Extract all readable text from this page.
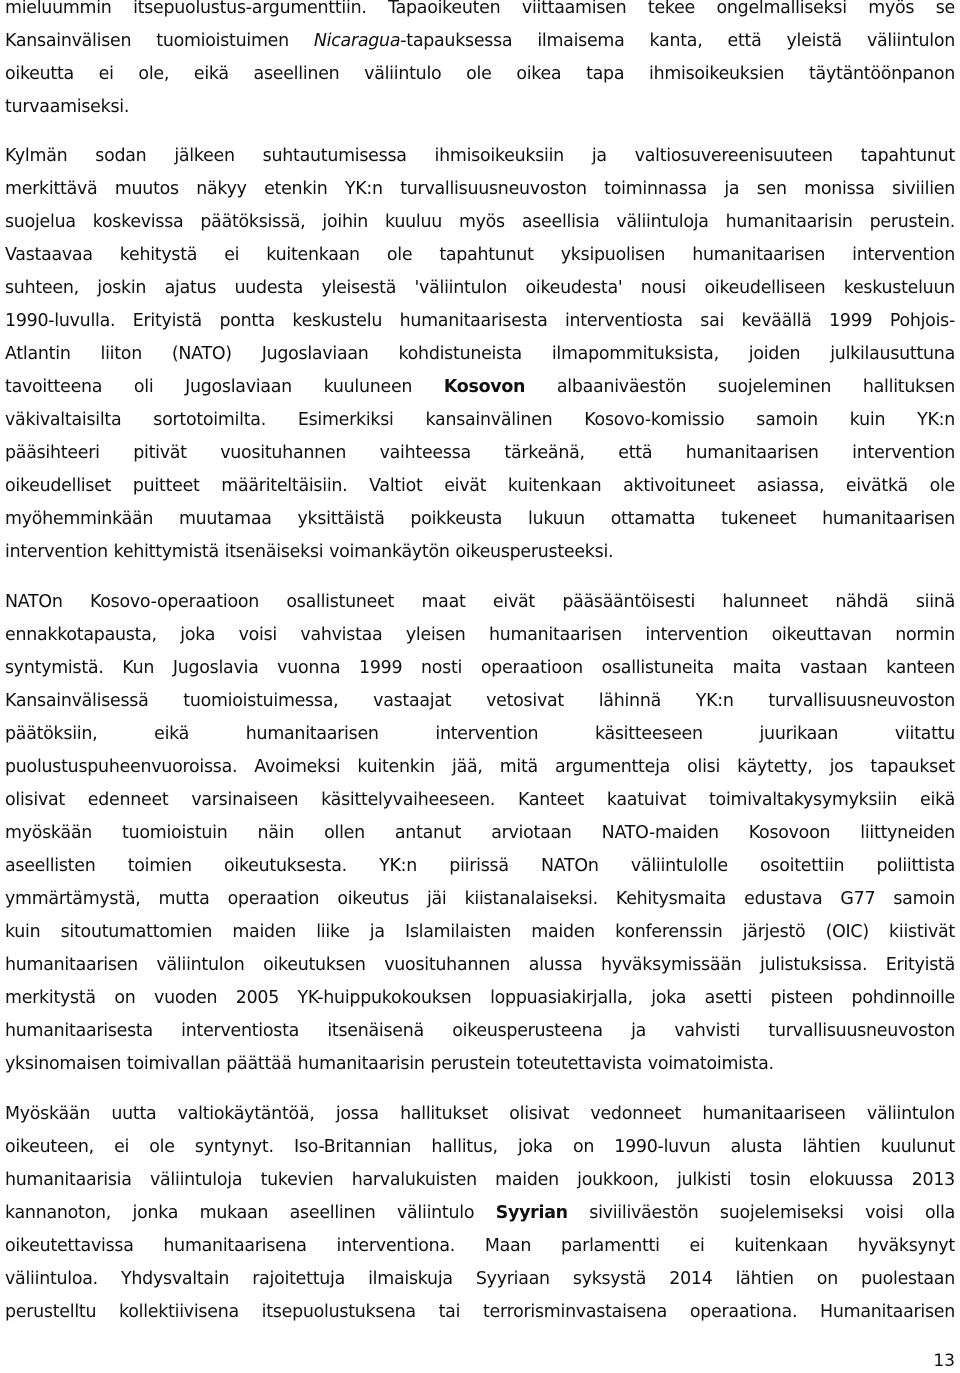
mieluummin itsepuolustus-argumenttiin. Tapaoikeuten viittaamisen tekee ongelmalliseksi myös se
Kansainvälisen tuomioistuimen Nicaragua-tapauksessa ilmaisema kanta, että yleistä väliintulon
oikeutta ei ole, eikä aseellinen väliintulo ole oikea tapa ihmisoikeuksien täytäntöönpanon
turvaamiseksi.

Kylmän sodan jälkeen suhtautumisessa ihmisoikeuksiin ja valtiosuvereenisuuteen tapahtunut
merkittävä muutos näkyy etenkin YK:n turvallisuusneuvoston toiminnassa ja sen monissa siviilien
suojelua koskevissa päätöksissä, joihin kuuluu myös aseellisia väliintuloja humanitaarisin perustein.
Vastaavaa kehitystä ei kuitenkaan ole tapahtunut yksipuolisen humanitaarisen intervention
suhteen, joskin ajatus uudesta yleisestä 'väliintulon oikeudesta' nousi oikeudelliseen keskusteluun
1990-luvulla. Erityistä pontta keskustelu humanitaarisesta interventiosta sai keväällä 1999 Pohjois-
Atlantin liiton (NATO) Jugoslaviaan kohdistuneista ilmapommituksista, joiden julkilausuttuna
tavoitteena oli Jugoslaviaan kuuluneen Kosovon albaaniväestön suojeleminen hallituksen
väkivaltaisilta sortotoimilta. Esimerkiksi kansainvälinen Kosovo-komissio samoin kuin YK:n
pääsihteeri pitivät vuosituhannen vaihteessa tärkeänä, että humanitaarisen intervention
oikeudelliset puitteet määriteltäisiin. Valtiot eivät kuitenkaan aktivoituneet asiassa, eivätkä ole
myöhemminkään muutamaa yksittäistä poikkeusta lukuun ottamatta tukeneet humanitaarisen
intervention kehittymistä itsenäiseksi voimankäytön oikeusperusteeksi.

NATOn Kosovo-operaatioon osallistuneet maat eivät pääsääntöisesti halunneet nähdä siinä
ennakkotapausta, joka voisi vahvistaa yleisen humanitaarisen intervention oikeuttavan normin
syntymistä. Kun Jugoslavia vuonna 1999 nosti operaatioon osallistuneita maita vastaan kanteen
Kansainvälisessä tuomioistuimessa, vastaajat vetosivat lähinnä YK:n turvallisuusneuvoston
päätöksiin, eikä humanitaarisen intervention käsitteeseen juurikaan viitattu
puolustuspuheenvuoroissa. Avoimeksi kuitenkin jää, mitä argumentteja olisi käytetty, jos tapaukset
olisivat edenneet varsinaiseen käsittelyvaiheeseen. Kanteet kaatuivat toimivaltakysymyksiin eikä
myöskään tuomioistuin näin ollen antanut arviotaan NATO-maiden Kosovoon liittyneiden
aseellisten toimien oikeutuksesta. YK:n piirissä NATOn väliintulolle osoitettiin poliittista
ymmärtämystä, mutta operaation oikeutus jäi kiistanalaiseksi. Kehitysmaita edustava G77 samoin
kuin sitoutumattomien maiden liike ja Islamilaisten maiden konferenssin järjestö (OIC) kiistivät
humanitaarisen väliintulon oikeutuksen vuosituhannen alussa hyväksymissään julistuksissa. Erityistä
merkitystä on vuoden 2005 YK-huippukokouksen loppuasiakirjalla, joka asetti pisteen pohdinnoille
humanitaarisesta interventiosta itsenäisenä oikeusperusteena ja vahvisti turvallisuusneuvoston
yksinomaisen toimivallan päättää humanitaarisin perustein toteutettavista voimatoimista.

Myöskään uutta valtiokäytäntöä, jossa hallitukset olisivat vedonneet humanitaariseen väliintulon
oikeuteen, ei ole syntynyt. Iso-Britannian hallitus, joka on 1990-luvun alusta lähtien kuulunut
humanitaarisia väliintuloja tukevien harvalukuisten maiden joukkoon, julkisti tosin elokuussa 2013
kannanoton, jonka mukaan aseellinen väliintulo Syyrian siviiliväestön suojelemiseksi voisi olla
oikeutettavissa humanitaarisena interventiona. Maan parlamentti ei kuitenkaan hyväksynyt
väliintuloa. Yhdysvaltain rajoitettuja ilmaiskuja Syyriaan syksystä 2014 lähtien on puolestaan
perustelltu kollektiivisena itsepuolustuksena tai terrorisminvastaisena operaationa. Humanitaarisen

13
